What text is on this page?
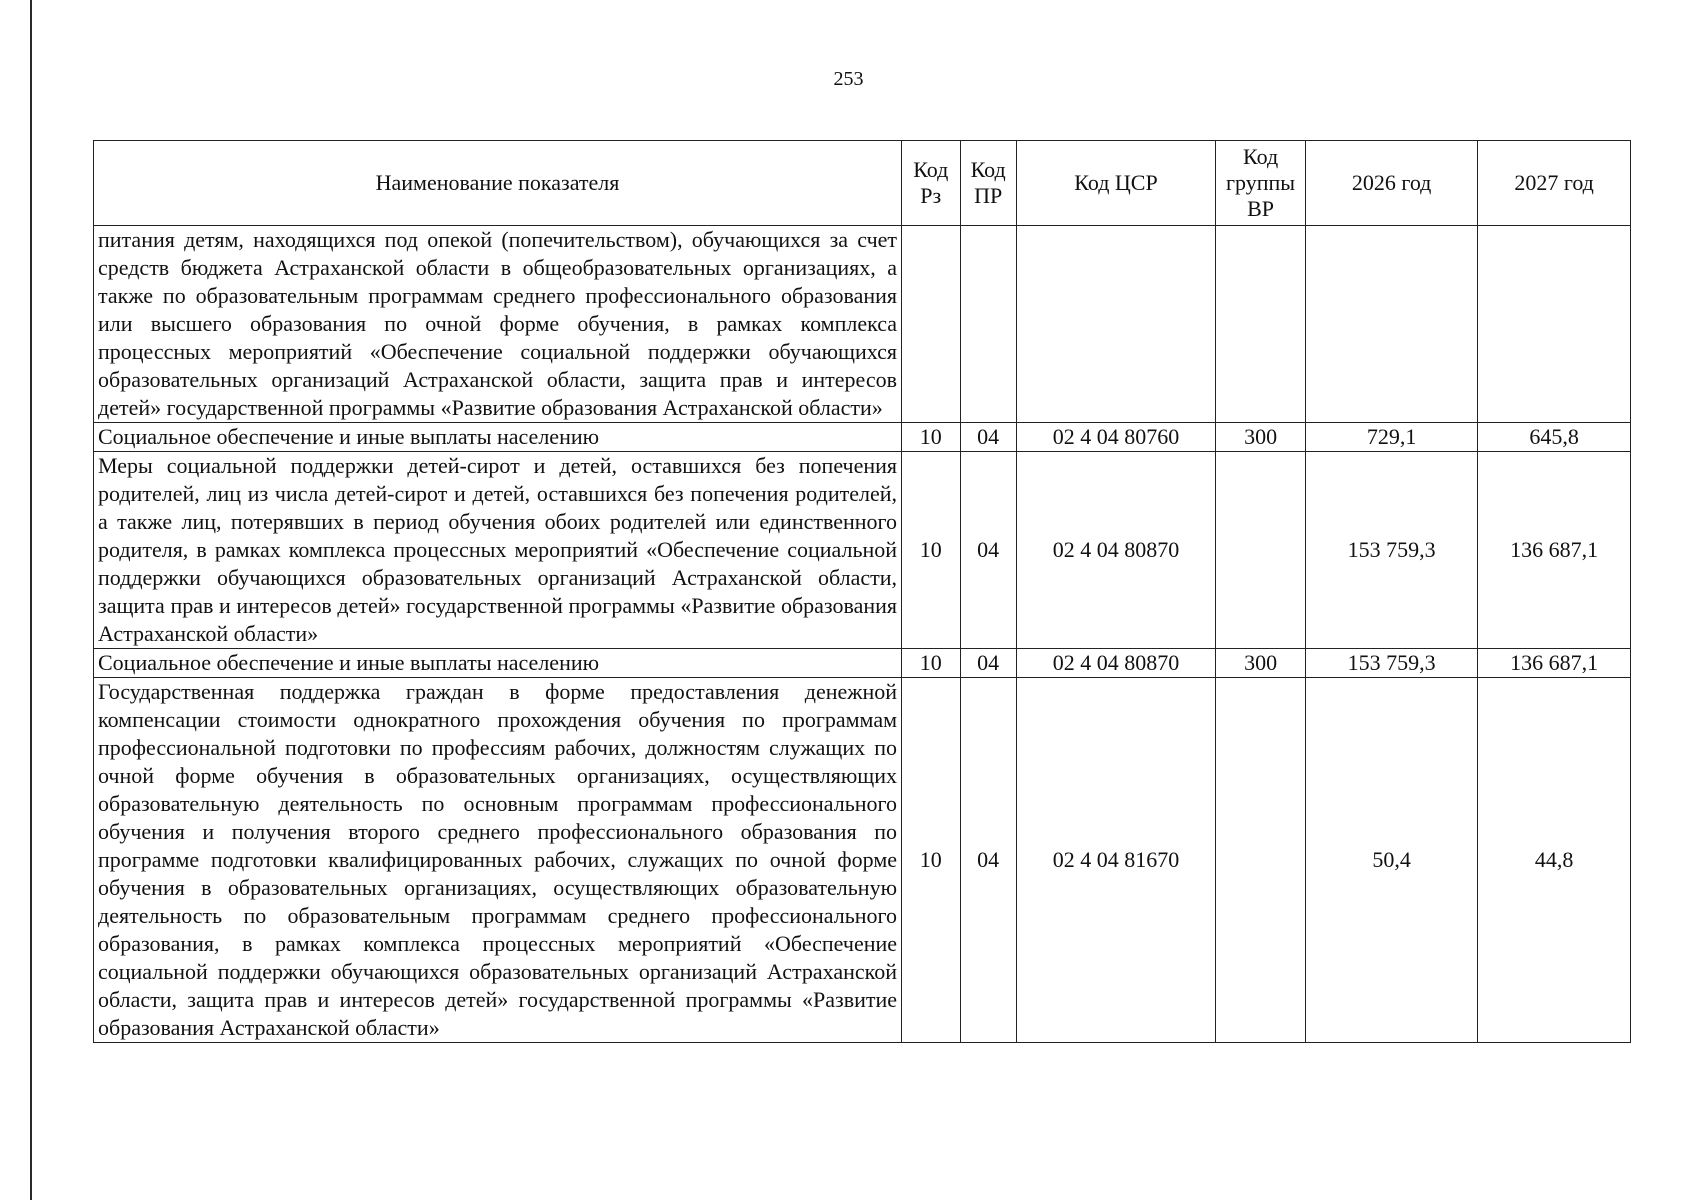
253
Наименование показателя	Код Рз	Код ПР	Код ЦСР	Код группы ВР	2026 год	2027 год
питания детям, находящихся под опекой (попечительством), обучающихся за счет средств бюджета Астраханской области в общеобразовательных организациях, а также по образовательным программам среднего профессионального образования или высшего образования по очной форме обучения, в рамках комплекса процессных мероприятий «Обеспечение социальной поддержки обучающихся образовательных организаций Астраханской области, защита прав и интересов детей» государственной программы «Развитие образования Астраханской области»						
Социальное обеспечение и иные выплаты населению	10	04	02 4 04 80760	300	729,1	645,8
Меры социальной поддержки детей-сирот и детей, оставшихся без попечения родителей, лиц из числа детей-сирот и детей, оставшихся без попечения родителей, а также лиц, потерявших в период обучения обоих родителей или единственного родителя, в рамках комплекса процессных мероприятий «Обеспечение социальной поддержки обучающихся образовательных организаций Астраханской области, защита прав и интересов детей» государственной программы «Развитие образования Астраханской области»	10	04	02 4 04 80870		153 759,3	136 687,1
Социальное обеспечение и иные выплаты населению	10	04	02 4 04 80870	300	153 759,3	136 687,1
Государственная поддержка граждан в форме предоставления денежной компенсации стоимости однократного прохождения обучения по программам профессиональной подготовки по профессиям рабочих, должностям служащих по очной форме обучения в образовательных организациях, осуществляющих образовательную деятельность по основным программам профессионального обучения и получения второго среднего профессионального образования по программе подготовки квалифицированных рабочих, служащих по очной форме обучения в образовательных организациях, осуществляющих образовательную деятельность по образовательным программам среднего профессионального образования, в рамках комплекса процессных мероприятий «Обеспечение социальной поддержки обучающихся образовательных организаций Астраханской области, защита прав и интересов детей» государственной программы «Развитие образования Астраханской области»	10	04	02 4 04 81670		50,4	44,8
